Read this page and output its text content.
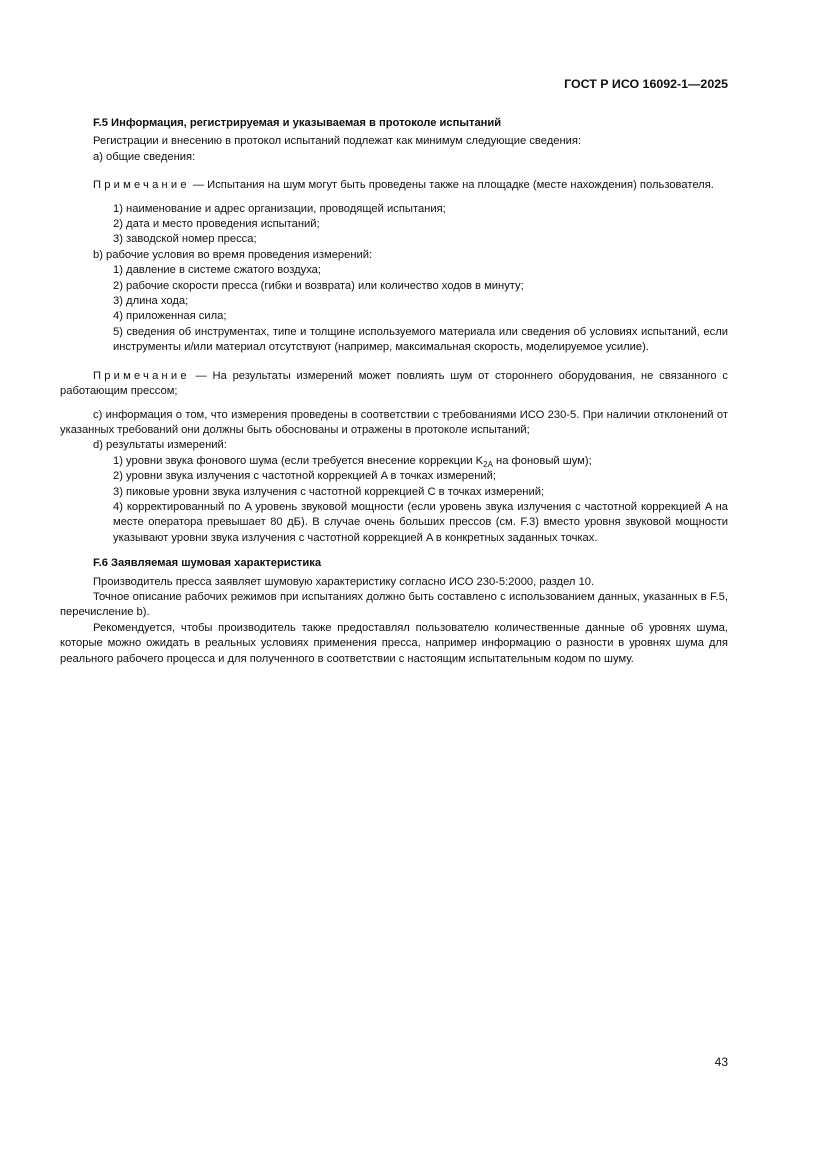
ГОСТ Р ИСО 16092-1—2025

F.5 Информация, регистрируемая и указываемая в протоколе испытаний

Регистрации и внесению в протокол испытаний подлежат как минимум следующие сведения:

а) общие сведения:

Примечание — Испытания на шум могут быть проведены также на площадке (месте нахождения) пользователя.

1) наименование и адрес организации, проводящей испытания;

2) дата и место проведения испытаний;

3) заводской номер пресса;

b) рабочие условия во время проведения измерений:

1) давление в системе сжатого воздуха;

2) рабочие скорости пресса (гибки и возврата) или количество ходов в минуту;

3) длина хода;

4) приложенная сила;

5) сведения об инструментах, типе и толщине используемого материала или сведения об условиях испытаний, если инструменты и/или материал отсутствуют (например, максимальная скорость, моделируемое усилие).

Примечание — На результаты измерений может повлиять шум от стороннего оборудования, не связанного с работающим прессом;

c) информация о том, что измерения проведены в соответствии с требованиями ИСО 230-5. При наличии отклонений от указанных требований они должны быть обоснованы и отражены в протоколе испытаний;

d) результаты измерений:

1) уровни звука фонового шума (если требуется внесение коррекции $K_{2A}$ на фоновый шум);

2) уровни звука излучения с частотной коррекцией A в точках измерений;

3) пиковые уровни звука излучения с частотной коррекцией C в точках измерений;

4) корректированный по A уровень звуковой мощности (если уровень звука излучения с частотной коррекцией A на месте оператора превышает 80 дБ). В случае очень больших прессов (см. F.3) вместо уровня звуковой мощности указывают уровни звука излучения с частотной коррекцией A в конкретных заданных точках.

F.6 Заявляемая шумовая характеристика

Производитель пресса заявляет шумовую характеристику согласно ИСО 230-5:2000, раздел 10.

Точное описание рабочих режимов при испытаниях должно быть составлено с использованием данных, указанных в F.5, перечисление b).

Рекомендуется, чтобы производитель также предоставлял пользователю количественные данные об уровнях шума, которые можно ожидать в реальных условиях применения пресса, например информацию о разности в уровнях шума для реального рабочего процесса и для полученного в соответствии с настоящим испытательным кодом по шуму.

43
